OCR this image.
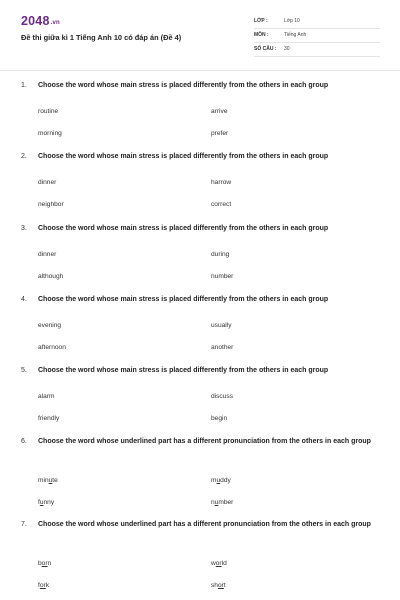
2048.vn
Đề thi giữa kì 1 Tiếng Anh 10 có đáp án (Đề 4)
LỚP :	Lớp 10
MÔN :	Tiếng Anh
SỐ CÂU : 30
1. Choose the word whose main stress is placed differently from the others in each group
routine	arrive
morning	prefer
2. Choose the word whose main stress is placed differently from the others in each group
dinner	harrow
neighbor	correct
3. Choose the word whose main stress is placed differently from the others in each group
dinner	during
although	number
4. Choose the word whose main stress is placed differently from the others in each group
evening	usually
afternoon	another
5. Choose the word whose main stress is placed differently from the others in each group
alarm	discuss
friendly	begin
6. Choose the word whose underlined part has a different pronunciation from the others in each group
minute	muddy
funny	number
7. Choose the word whose underlined part has a different pronunciation from the others in each group
born	world
fork	short
